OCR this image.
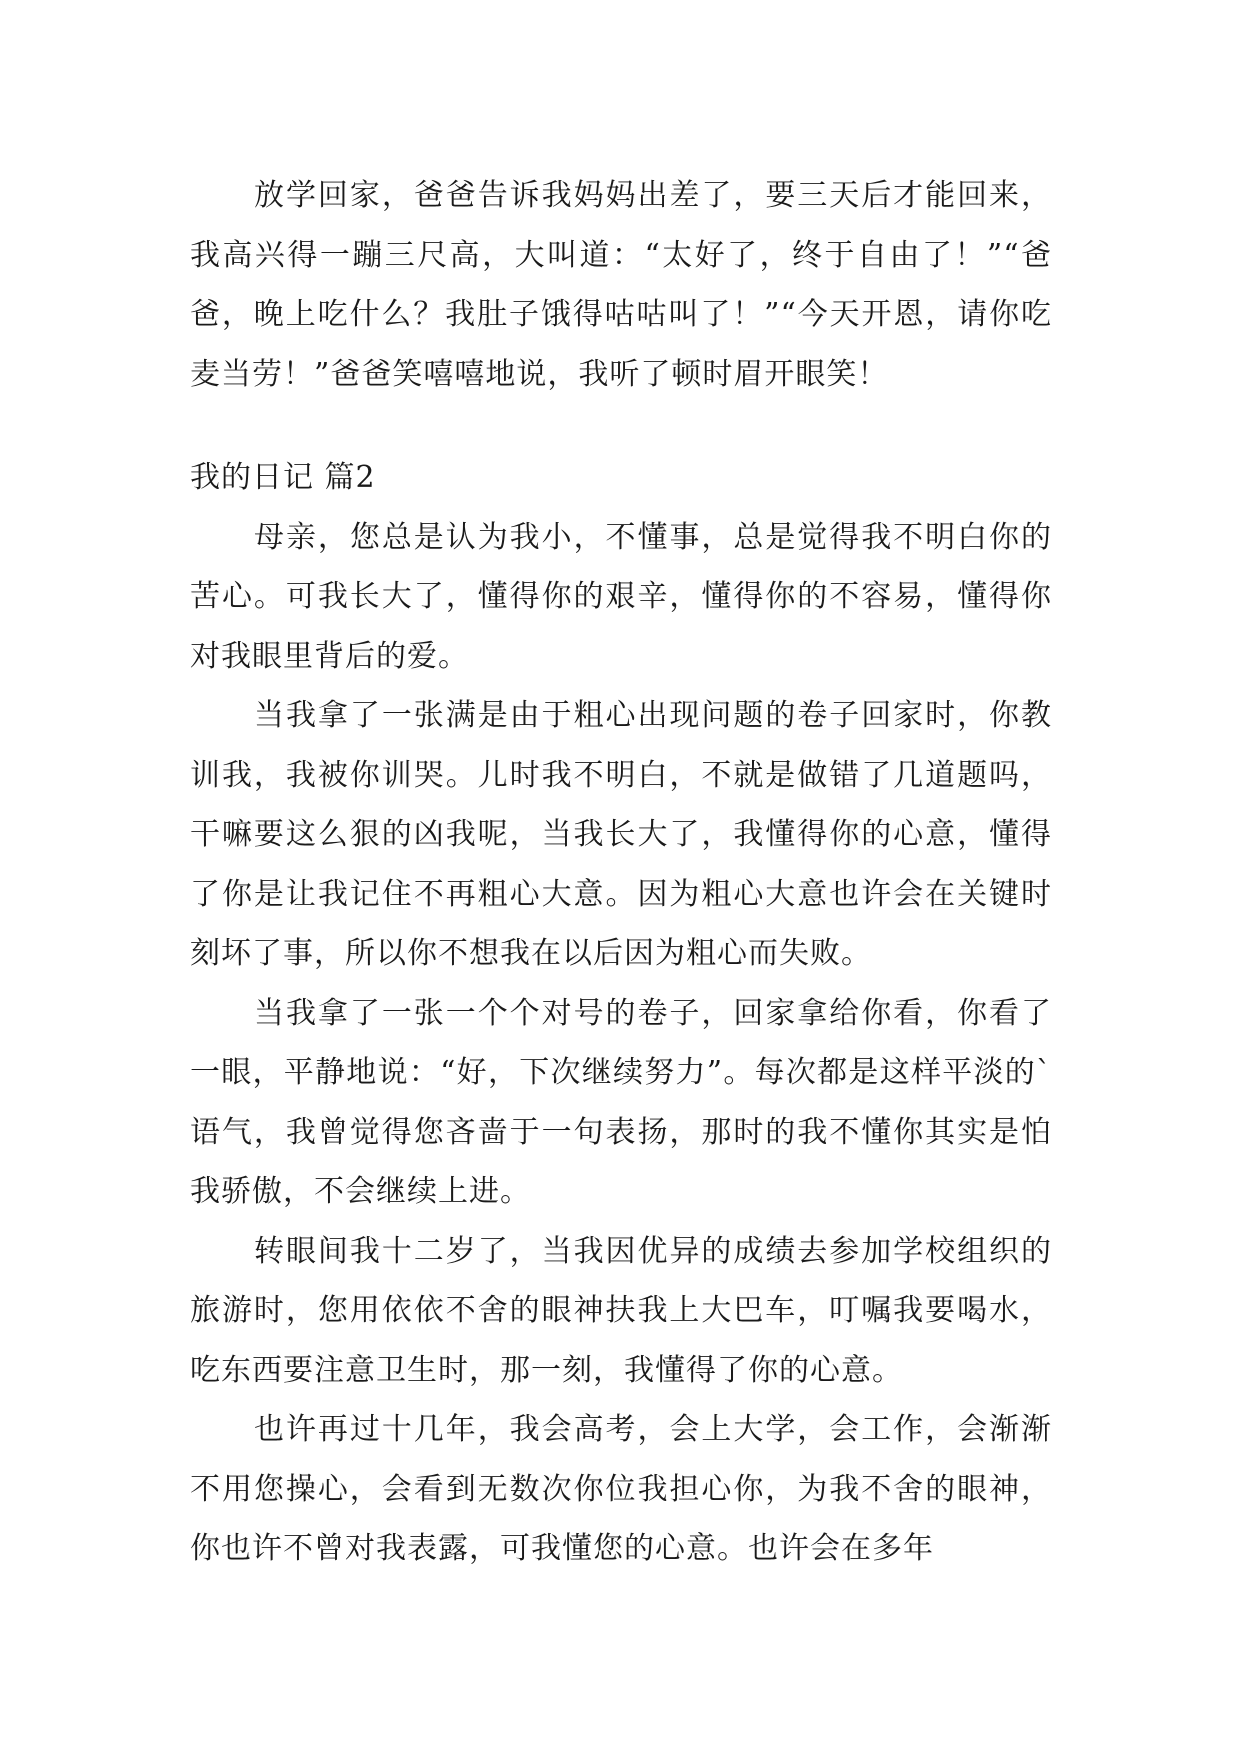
放学回家，爸爸告诉我妈妈出差了，要三天后才能回来，我高兴得一蹦三尺高，大叫道：“太好了，终于自由了！”“爸爸，晚上吃什么？我肚子饿得咕咕叫了！”“今天开恩，请你吃麦当劳！”爸爸笑嘻嘻地说，我听了顿时眉开眼笑！

我的日记 篇2

母亲，您总是认为我小，不懂事，总是觉得我不明白你的苦心。可我长大了，懂得你的艰辛，懂得你的不容易，懂得你对我眼里背后的爱。

当我拿了一张满是由于粗心出现问题的卷子回家时，你教训我，我被你训哭。儿时我不明白，不就是做错了几道题吗，干嘛要这么狠的凶我呢，当我长大了，我懂得你的心意，懂得了你是让我记住不再粗心大意。因为粗心大意也许会在关键时刻坏了事，所以你不想我在以后因为粗心而失败。

当我拿了一张一个个对号的卷子，回家拿给你看，你看了一眼，平静地说：“好，下次继续努力”。每次都是这样平淡的`语气，我曾觉得您吝啬于一句表扬，那时的我不懂你其实是怕我骄傲，不会继续上进。

转眼间我十二岁了，当我因优异的成绩去参加学校组织的旅游时，您用依依不舍的眼神扶我上大巴车，叮嘱我要喝水，吃东西要注意卫生时，那一刻，我懂得了你的心意。

也许再过十几年，我会高考，会上大学，会工作，会渐渐不用您操心，会看到无数次你位我担心你，为我不舍的眼神，你也许不曾对我表露，可我懂您的心意。也许会在多年
